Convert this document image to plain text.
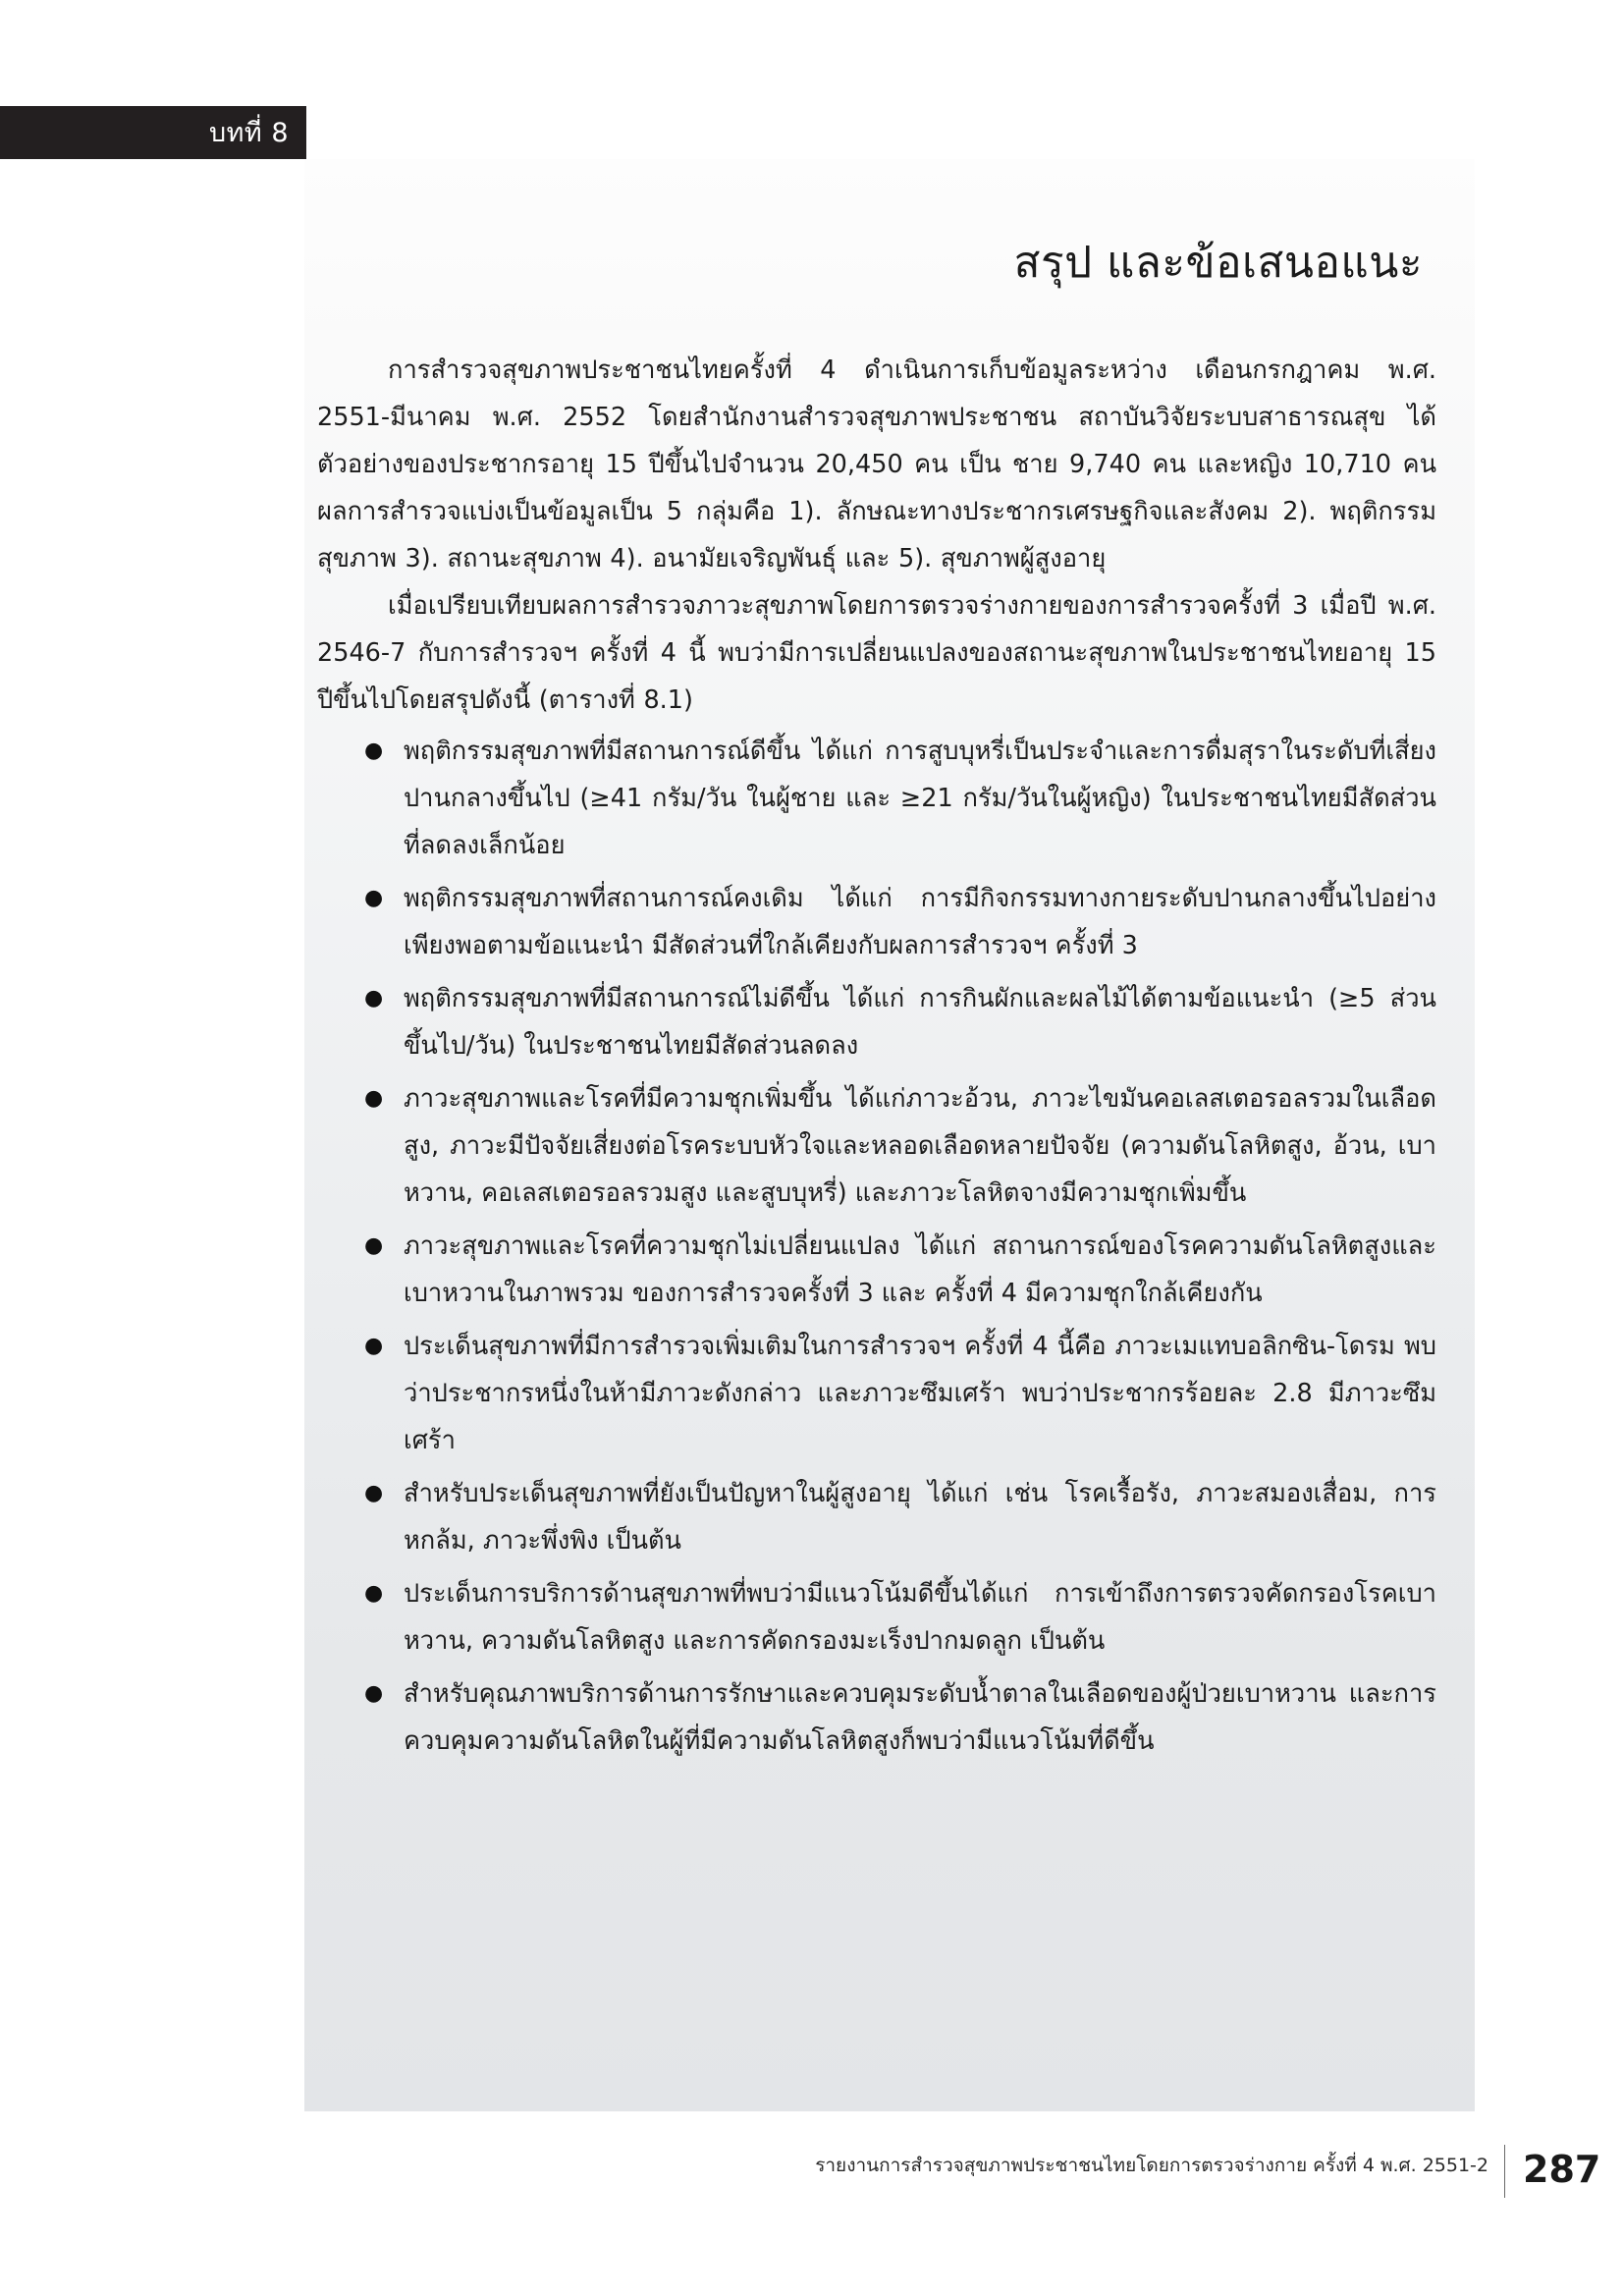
บทที่ 8
สรุป และข้อเสนอแนะ

การสำรวจสุขภาพประชาชนไทยครั้งที่ 4 ดำเนินการเก็บข้อมูลระหว่าง เดือนกรกฎาคม พ.ศ. 2551-มีนาคม พ.ศ. 2552 โดยสำนักงานสำรวจสุขภาพประชาชน สถาบันวิจัยระบบสาธารณสุข ได้ตัวอย่างของประชากรอายุ 15 ปีขึ้นไปจำนวน 20,450 คน เป็น ชาย 9,740 คน และหญิง 10,710 คน ผลการสำรวจแบ่งเป็นข้อมูลเป็น 5 กลุ่มคือ 1). ลักษณะทางประชากรเศรษฐกิจและสังคม 2). พฤติกรรมสุขภาพ 3). สถานะสุขภาพ 4). อนามัยเจริญพันธุ์ และ 5). สุขภาพผู้สูงอายุ

เมื่อเปรียบเทียบผลการสำรวจภาวะสุขภาพโดยการตรวจร่างกายของการสำรวจครั้งที่ 3 เมื่อปี พ.ศ. 2546-7 กับการสำรวจฯ ครั้งที่ 4 นี้ พบว่ามีการเปลี่ยนแปลงของสถานะสุขภาพในประชาชนไทยอายุ 15 ปีขึ้นไปโดยสรุปดังนี้ (ตารางที่ 8.1)

● พฤติกรรมสุขภาพที่มีสถานการณ์ดีขึ้น ได้แก่ การสูบบุหรี่เป็นประจำและการดื่มสุราในระดับที่เสี่ยงปานกลางขึ้นไป (≥41 กรัม/วัน ในผู้ชาย และ ≥21 กรัม/วันในผู้หญิง) ในประชาชนไทยมีสัดส่วนที่ลดลงเล็กน้อย
● พฤติกรรมสุขภาพที่สถานการณ์คงเดิม ได้แก่ การมีกิจกรรมทางกายระดับปานกลางขึ้นไปอย่างเพียงพอตามข้อแนะนำ มีสัดส่วนที่ใกล้เคียงกับผลการสำรวจฯ ครั้งที่ 3
● พฤติกรรมสุขภาพที่มีสถานการณ์ไม่ดีขึ้น ได้แก่ การกินผักและผลไม้ได้ตามข้อแนะนำ (≥5 ส่วนขึ้นไป/วัน) ในประชาชนไทยมีสัดส่วนลดลง
● ภาวะสุขภาพและโรคที่มีความชุกเพิ่มขึ้น ได้แก่ภาวะอ้วน, ภาวะไขมันคอเลสเตอรอลรวมในเลือดสูง, ภาวะมีปัจจัยเสี่ยงต่อโรคระบบหัวใจและหลอดเลือดหลายปัจจัย (ความดันโลหิตสูง, อ้วน, เบาหวาน, คอเลสเตอรอลรวมสูง และสูบบุหรี่) และภาวะโลหิตจางมีความชุกเพิ่มขึ้น
● ภาวะสุขภาพและโรคที่ความชุกไม่เปลี่ยนแปลง ได้แก่ สถานการณ์ของโรคความดันโลหิตสูงและเบาหวานในภาพรวม ของการสำรวจครั้งที่ 3 และ ครั้งที่ 4 มีความชุกใกล้เคียงกัน
● ประเด็นสุขภาพที่มีการสำรวจเพิ่มเติมในการสำรวจฯ ครั้งที่ 4 นี้คือ ภาวะเมแทบอลิกซิน-โดรม พบว่าประชากรหนึ่งในห้ามีภาวะดังกล่าว และภาวะซึมเศร้า พบว่าประชากรร้อยละ 2.8 มีภาวะซึมเศร้า
● สำหรับประเด็นสุขภาพที่ยังเป็นปัญหาในผู้สูงอายุ ได้แก่ เช่น โรคเรื้อรัง, ภาวะสมองเสื่อม, การหกล้ม, ภาวะพึ่งพิง เป็นต้น
● ประเด็นการบริการด้านสุขภาพที่พบว่ามีแนวโน้มดีขึ้นได้แก่ การเข้าถึงการตรวจคัดกรองโรคเบาหวาน, ความดันโลหิตสูง และการคัดกรองมะเร็งปากมดลูก เป็นต้น
● สำหรับคุณภาพบริการด้านการรักษาและควบคุมระดับน้ำตาลในเลือดของผู้ป่วยเบาหวาน และการควบคุมความดันโลหิตในผู้ที่มีความดันโลหิตสูงก็พบว่ามีแนวโน้มที่ดีขึ้น
รายงานการสำรวจสุขภาพประชาชนไทยโดยการตรวจร่างกาย ครั้งที่ 4 พ.ศ. 2551-2 287
